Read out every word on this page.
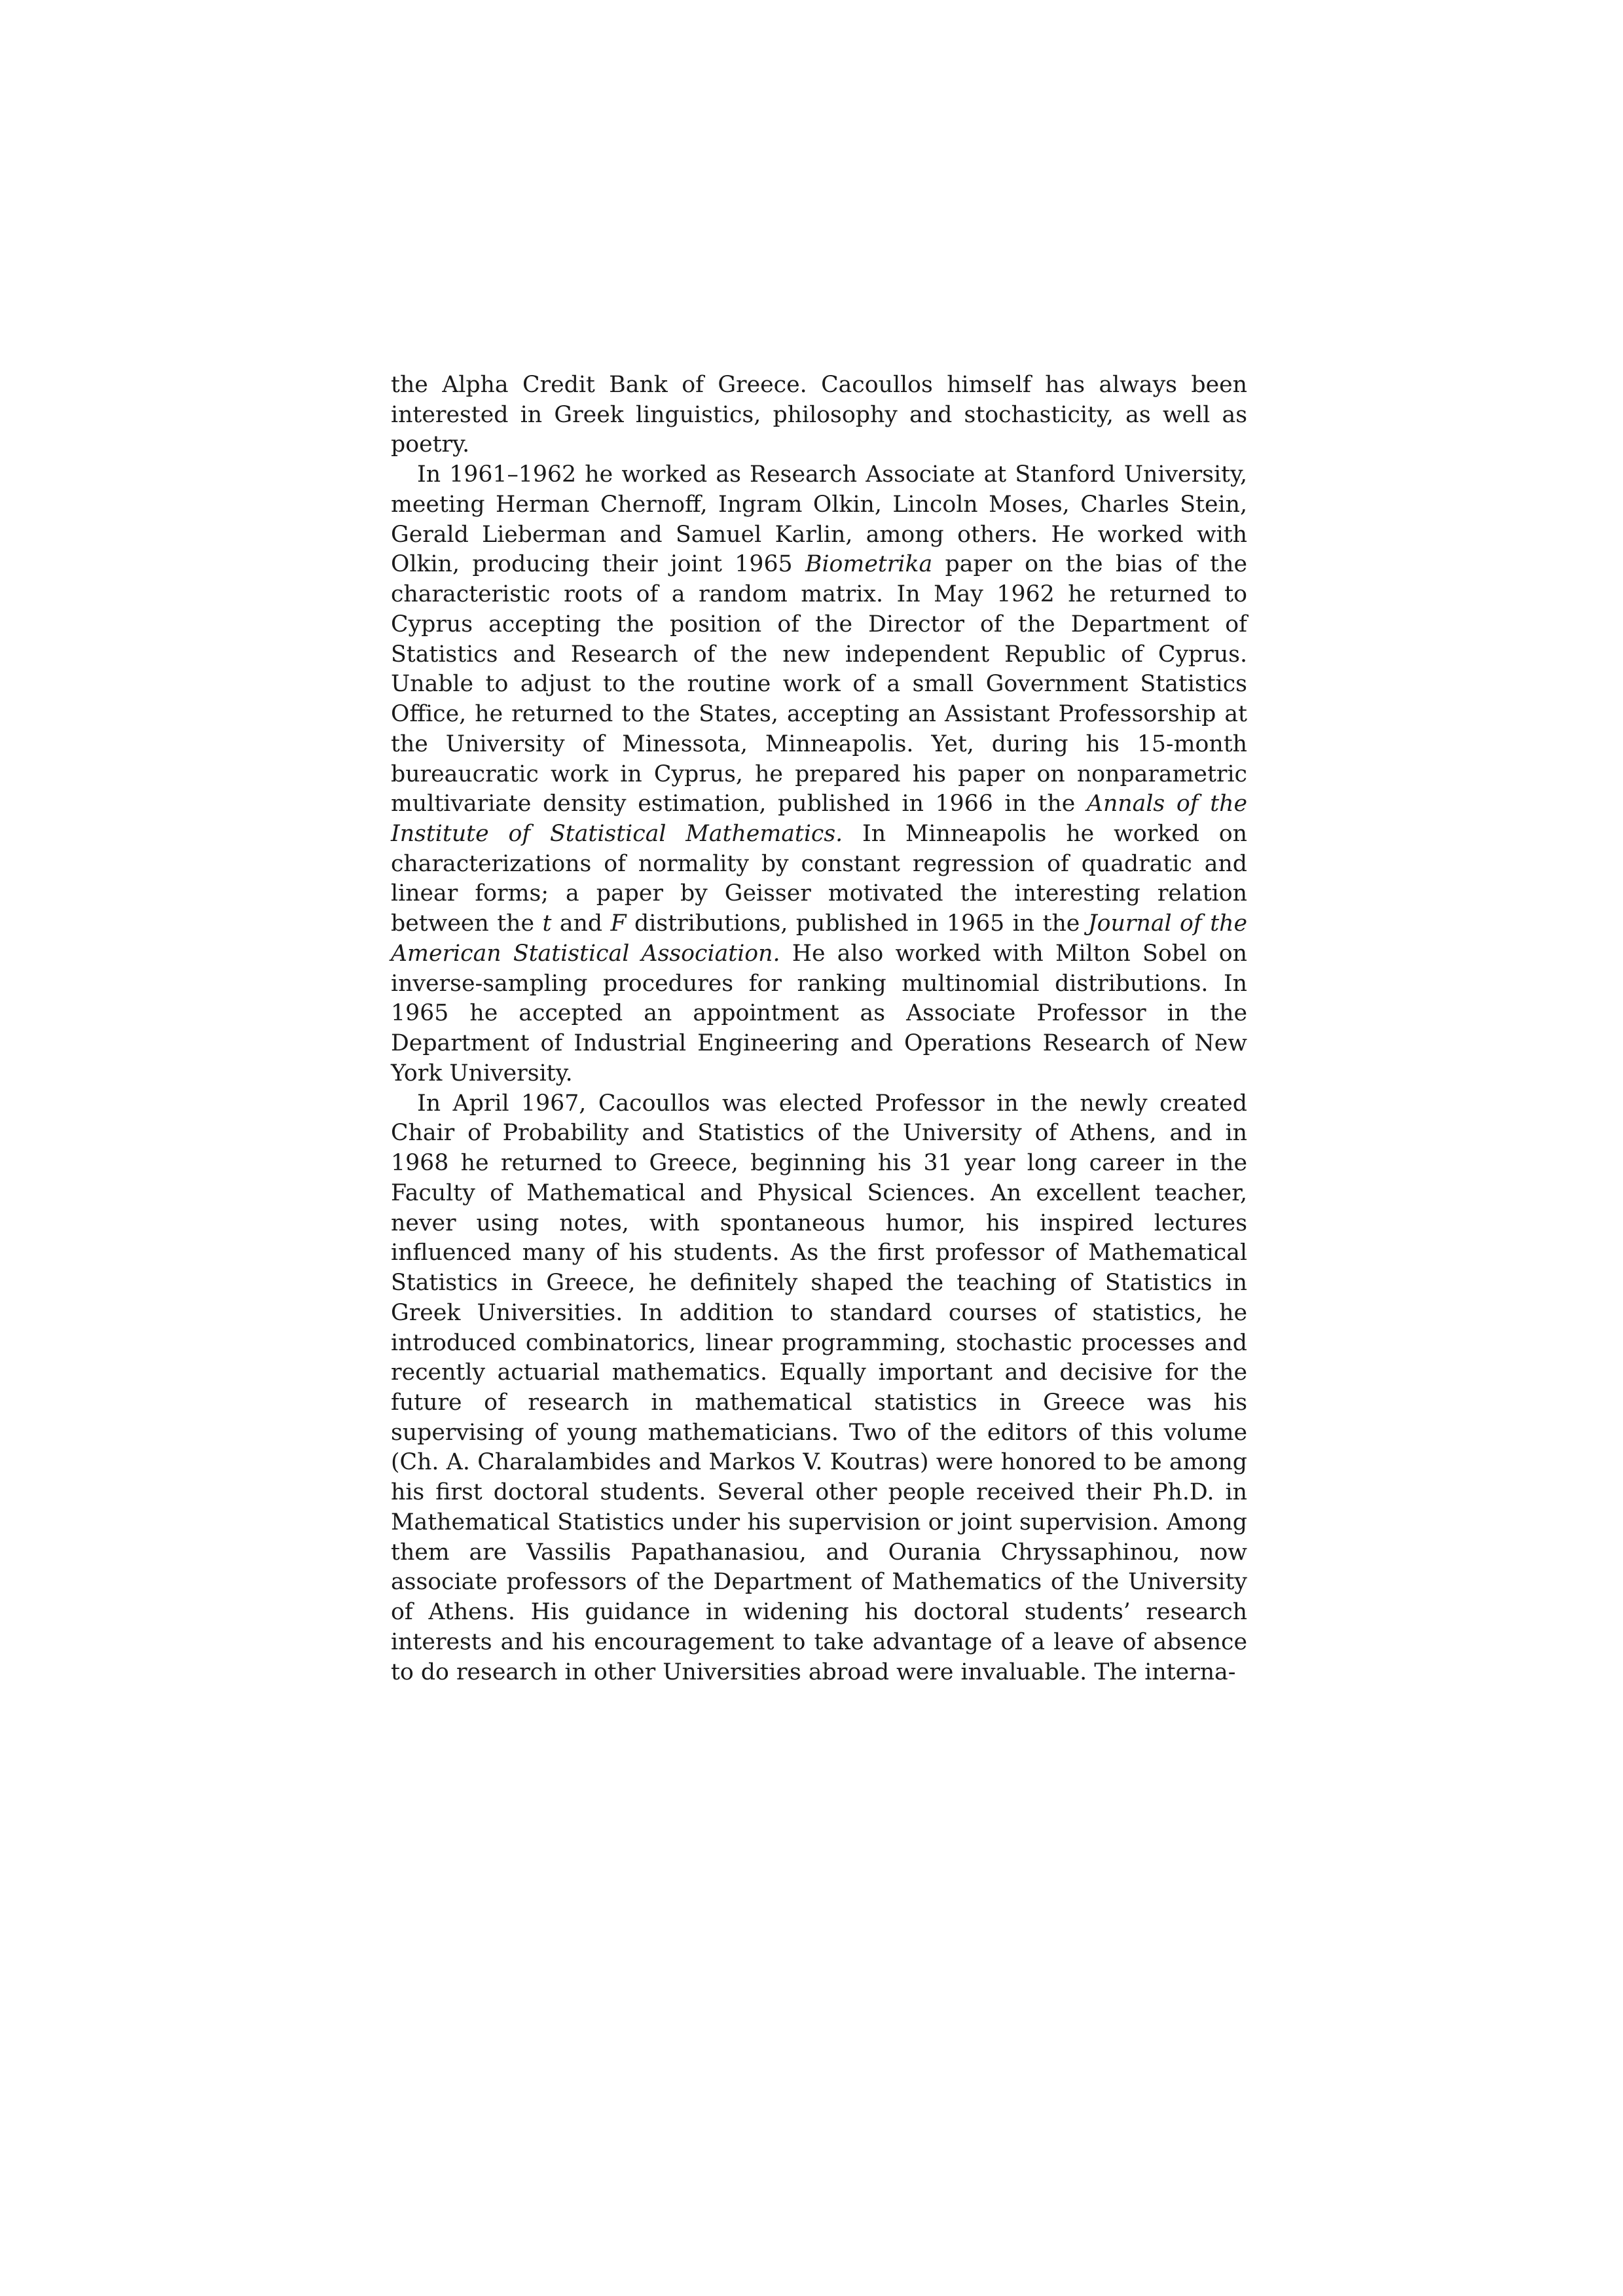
the Alpha Credit Bank of Greece. Cacoullos himself has always been interested in Greek linguistics, philosophy and stochasticity, as well as poetry.

In 1961–1962 he worked as Research Associate at Stanford University, meeting Herman Chernoff, Ingram Olkin, Lincoln Moses, Charles Stein, Gerald Lieberman and Samuel Karlin, among others. He worked with Olkin, producing their joint 1965 Biometrika paper on the bias of the characteristic roots of a random matrix. In May 1962 he returned to Cyprus accepting the position of the Director of the Department of Statistics and Research of the new independent Republic of Cyprus. Unable to adjust to the routine work of a small Government Statistics Office, he returned to the States, accepting an Assistant Professorship at the University of Minessota, Minneapolis. Yet, during his 15-month bureaucratic work in Cyprus, he prepared his paper on nonparametric multivariate density estimation, published in 1966 in the Annals of the Institute of Statistical Mathematics. In Minneapolis he worked on characterizations of normality by constant regression of quadratic and linear forms; a paper by Geisser motivated the interesting relation between the t and F distributions, published in 1965 in the Journal of the American Statistical Association. He also worked with Milton Sobel on inverse-sampling procedures for ranking multinomial distributions. In 1965 he accepted an appointment as Associate Professor in the Department of Industrial Engineering and Operations Research of New York University.

In April 1967, Cacoullos was elected Professor in the newly created Chair of Probability and Statistics of the University of Athens, and in 1968 he returned to Greece, beginning his 31 year long career in the Faculty of Mathematical and Physical Sciences. An excellent teacher, never using notes, with spontaneous humor, his inspired lectures influenced many of his students. As the first professor of Mathematical Statistics in Greece, he definitely shaped the teaching of Statistics in Greek Universities. In addition to standard courses of statistics, he introduced combinatorics, linear programming, stochastic processes and recently actuarial mathematics. Equally important and decisive for the future of research in mathematical statistics in Greece was his supervising of young mathematicians. Two of the editors of this volume (Ch. A. Charalambides and Markos V. Koutras) were honored to be among his first doctoral students. Several other people received their Ph.D. in Mathematical Statistics under his supervision or joint supervision. Among them are Vassilis Papathanasiou, and Ourania Chryssaphinou, now associate professors of the Department of Mathematics of the University of Athens. His guidance in widening his doctoral students’ research interests and his encouragement to take advantage of a leave of absence to do research in other Universities abroad were invaluable. The interna-
